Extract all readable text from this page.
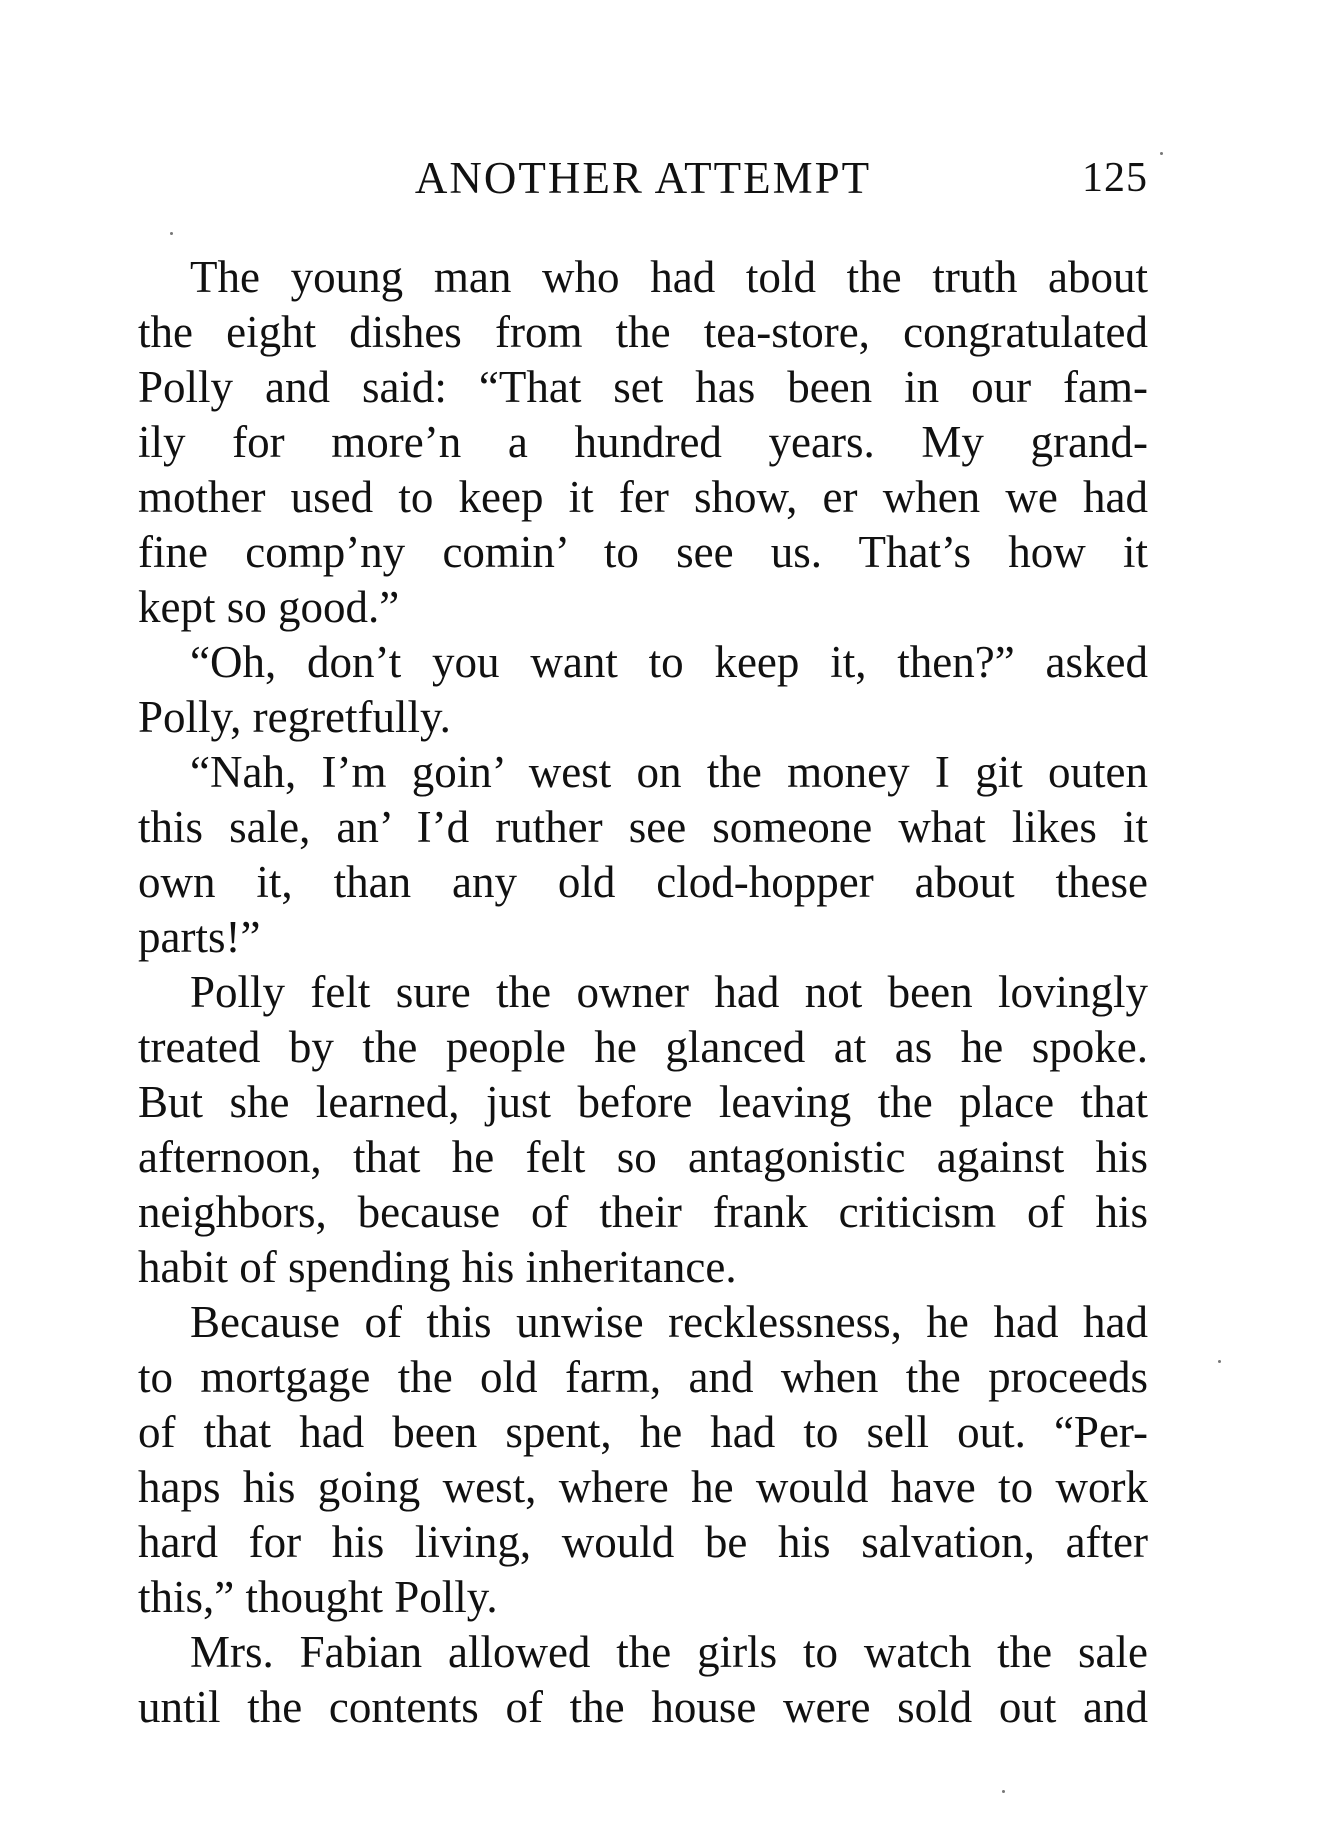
ANOTHER ATTEMPT	125
The young man who had told the truth about
the eight dishes from the tea-store, congratulated
Polly and said: “That set has been in our fam-
ily for more’n a hundred years. My grand-
mother used to keep it fer show, er when we had
fine comp’ny comin’ to see us. That’s how it
kept so good.”
“Oh, don’t you want to keep it, then?” asked
Polly, regretfully.
“Nah, I’m goin’ west on the money I git outen
this sale, an’ I’d ruther see someone what likes it
own it, than any old clod-hopper about these
parts!”
Polly felt sure the owner had not been lovingly
treated by the people he glanced at as he spoke.
But she learned, just before leaving the place that
afternoon, that he felt so antagonistic against his
neighbors, because of their frank criticism of his
habit of spending his inheritance.
Because of this unwise recklessness, he had had
to mortgage the old farm, and when the proceeds
of that had been spent, he had to sell out. “Per-
haps his going west, where he would have to work
hard for his living, would be his salvation, after
this,” thought Polly.
Mrs. Fabian allowed the girls to watch the sale
until the contents of the house were sold out and
